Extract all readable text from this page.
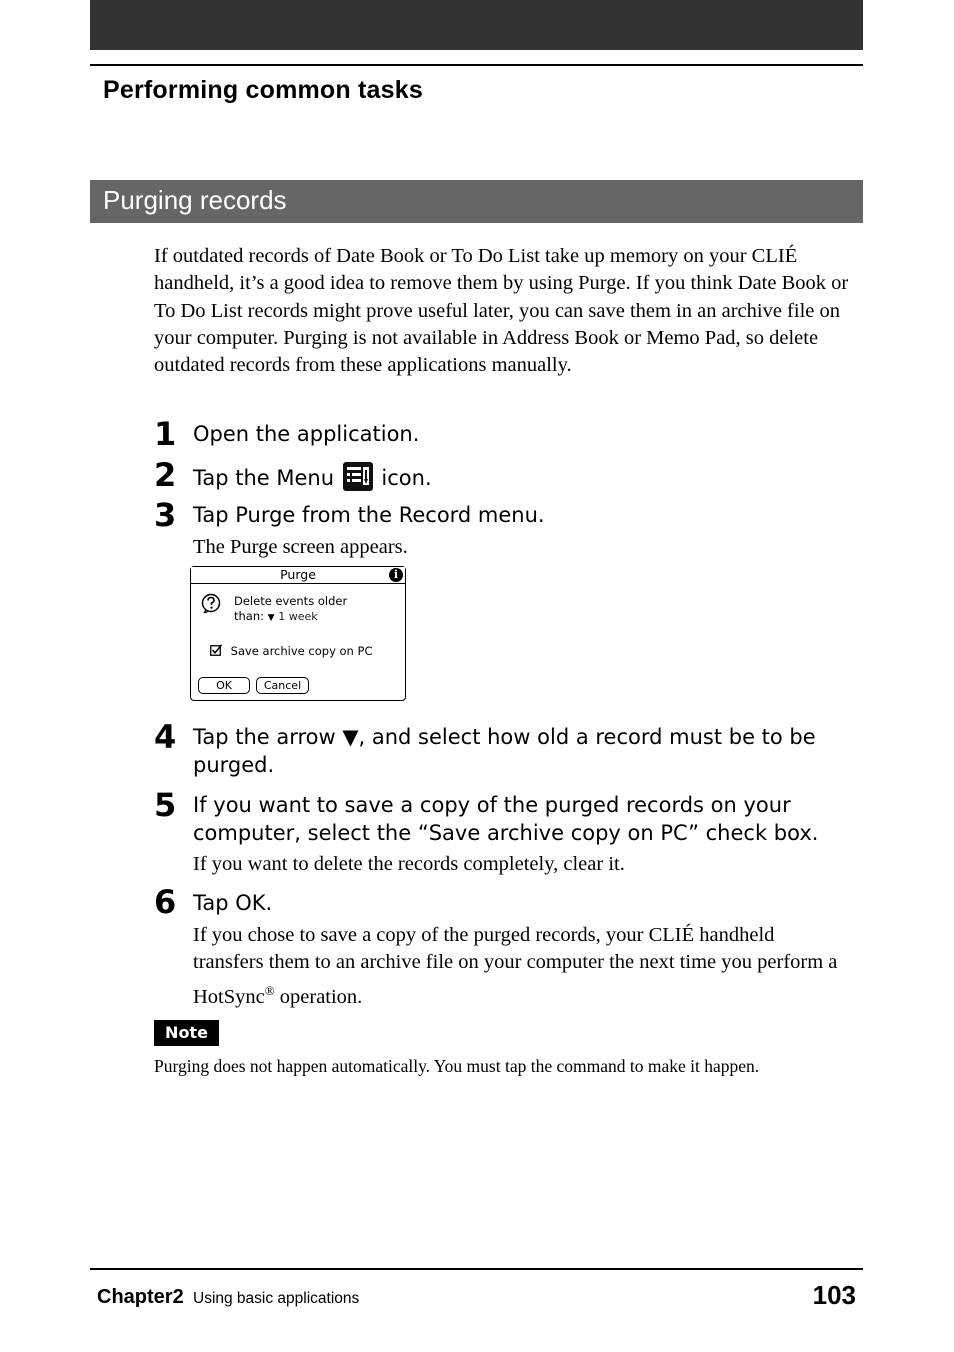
Performing common tasks
Purging records
If outdated records of Date Book or To Do List take up memory on your CLIÉ handheld, it’s a good idea to remove them by using Purge. If you think Date Book or To Do List records might prove useful later, you can save them in an archive file on your computer. Purging is not available in Address Book or Memo Pad, so delete outdated records from these applications manually.
1 Open the application.
2 Tap the Menu icon.
3 Tap Purge from the Record menu.
The Purge screen appears.
Purge	i
Delete events older
than: ▼ 1 week
Save archive copy on PC
OK	Cancel
4 Tap the arrow ▼, and select how old a record must be to be purged.
5 If you want to save a copy of the purged records on your computer, select the “Save archive copy on PC” check box.
If you want to delete the records completely, clear it.
6 Tap OK.
If you chose to save a copy of the purged records, your CLIÉ handheld transfers them to an archive file on your computer the next time you perform a HotSync® operation.
Note
Purging does not happen automatically. You must tap the command to make it happen.
Chapter2 Using basic applications	103
